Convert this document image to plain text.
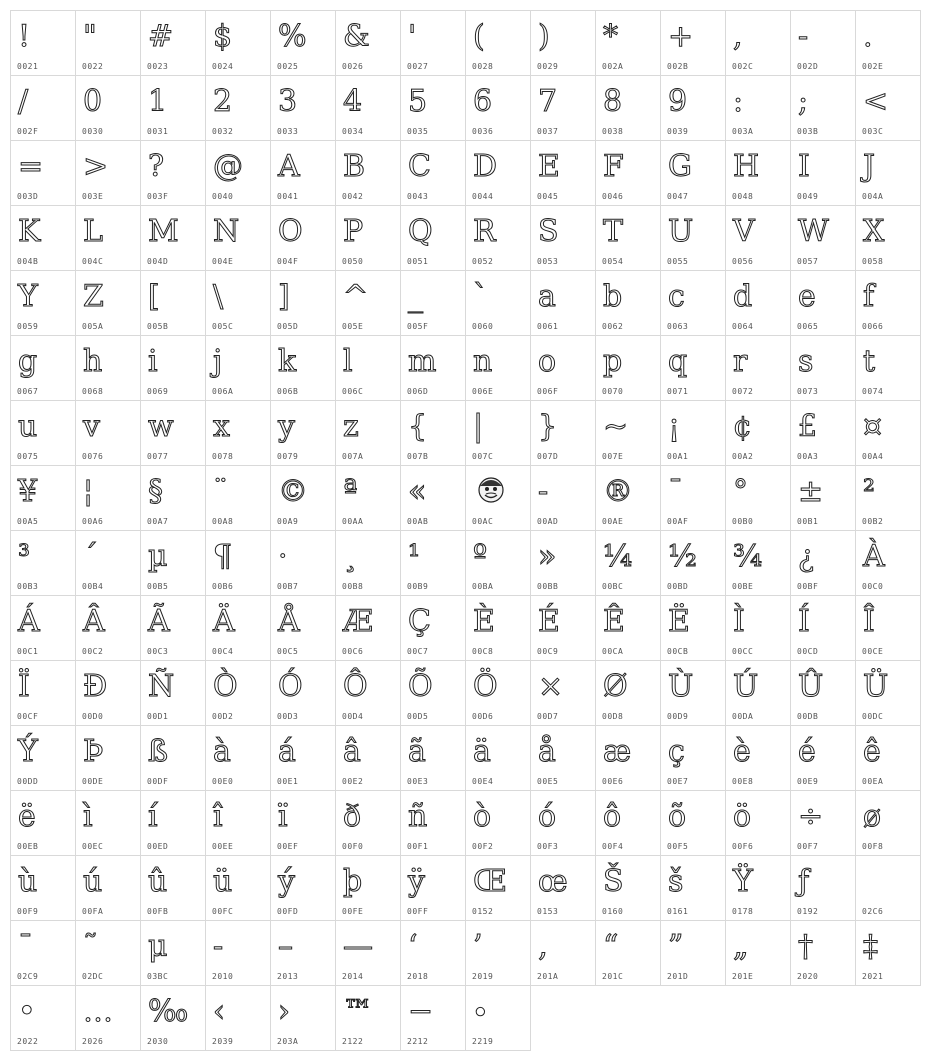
!
0021
"
0022
#
0023
$
0024
%
0025
&
0026
'
0027
(
0028
)
0029
*
002A
+
002B
,
002C
-
002D
.
002E
/
002F
0
0030
1
0031
2
0032
3
0033
4
0034
5
0035
6
0036
7
0037
8
0038
9
0039
:
003A
;
003B
<
003C
=
003D
>
003E
?
003F
@
0040
A
0041
B
0042
C
0043
D
0044
E
0045
F
0046
G
0047
H
0048
I
0049
J
004A
K
004B
L
004C
M
004D
N
004E
O
004F
P
0050
Q
0051
R
0052
S
0053
T
0054
U
0055
V
0056
W
0057
X
0058
Y
0059
Z
005A
[
005B
\
005C
]
005D
^
005E
_
005F
`
0060
a
0061
b
0062
c
0063
d
0064
e
0065
f
0066
g
0067
h
0068
i
0069
j
006A
k
006B
l
006C
m
006D
n
006E
o
006F
p
0070
q
0071
r
0072
s
0073
t
0074
u
0075
v
0076
w
0077
x
0078
y
0079
z
007A
{
007B
|
007C
}
007D
~
007E
¡
00A1
¢
00A2
£
00A3
¤
00A4
¥
00A5
¦
00A6
§
00A7
¨
00A8
©
00A9
ª
00AA
«
00AB	00AC
-
00AD
®
00AE
¯
00AF
°
00B0
±
00B1
²
00B2
³
00B3
´
00B4
µ
00B5
¶
00B6
·
00B7
¸
00B8
¹
00B9
º
00BA
»
00BB
¼
00BC
½
00BD
¾
00BE
¿
00BF
À
00C0
Á
00C1
Â
00C2
Ã
00C3
Ä
00C4
Å
00C5
Æ
00C6
Ç
00C7
È
00C8
É
00C9
Ê
00CA
Ë
00CB
Ì
00CC
Í
00CD
Î
00CE
Ï
00CF
Ð
00D0
Ñ
00D1
Ò
00D2
Ó
00D3
Ô
00D4
Õ
00D5
Ö
00D6
×
00D7
Ø
00D8
Ù
00D9
Ú
00DA
Û
00DB
Ü
00DC
Ý
00DD
Þ
00DE
ß
00DF
à
00E0
á
00E1
â
00E2
ã
00E3
ä
00E4
å
00E5
æ
00E6
ç
00E7
è
00E8
é
00E9
ê
00EA
ë
00EB
ì
00EC
í
00ED
î
00EE
ï
00EF
ð
00F0
ñ
00F1
ò
00F2
ó
00F3
ô
00F4
õ
00F5
ö
00F6
÷
00F7
ø
00F8
ù
00F9
ú
00FA
û
00FB
ü
00FC
ý
00FD
þ
00FE
ÿ
00FF
Œ
0152
œ
0153
Š
0160
š
0161
Ÿ
0178
ƒ
0192	02C6
ˉ
02C9
˜
02DC
μ
03BC
‐
2010
–
2013
—
2014
‘
2018
’
2019
‚
201A
“
201C
”
201D
„
201E
†
2020
‡
2021
•
2022
…
2026
‰
2030
‹
2039
›
203A
™
2122
−
2212
∙
2219
